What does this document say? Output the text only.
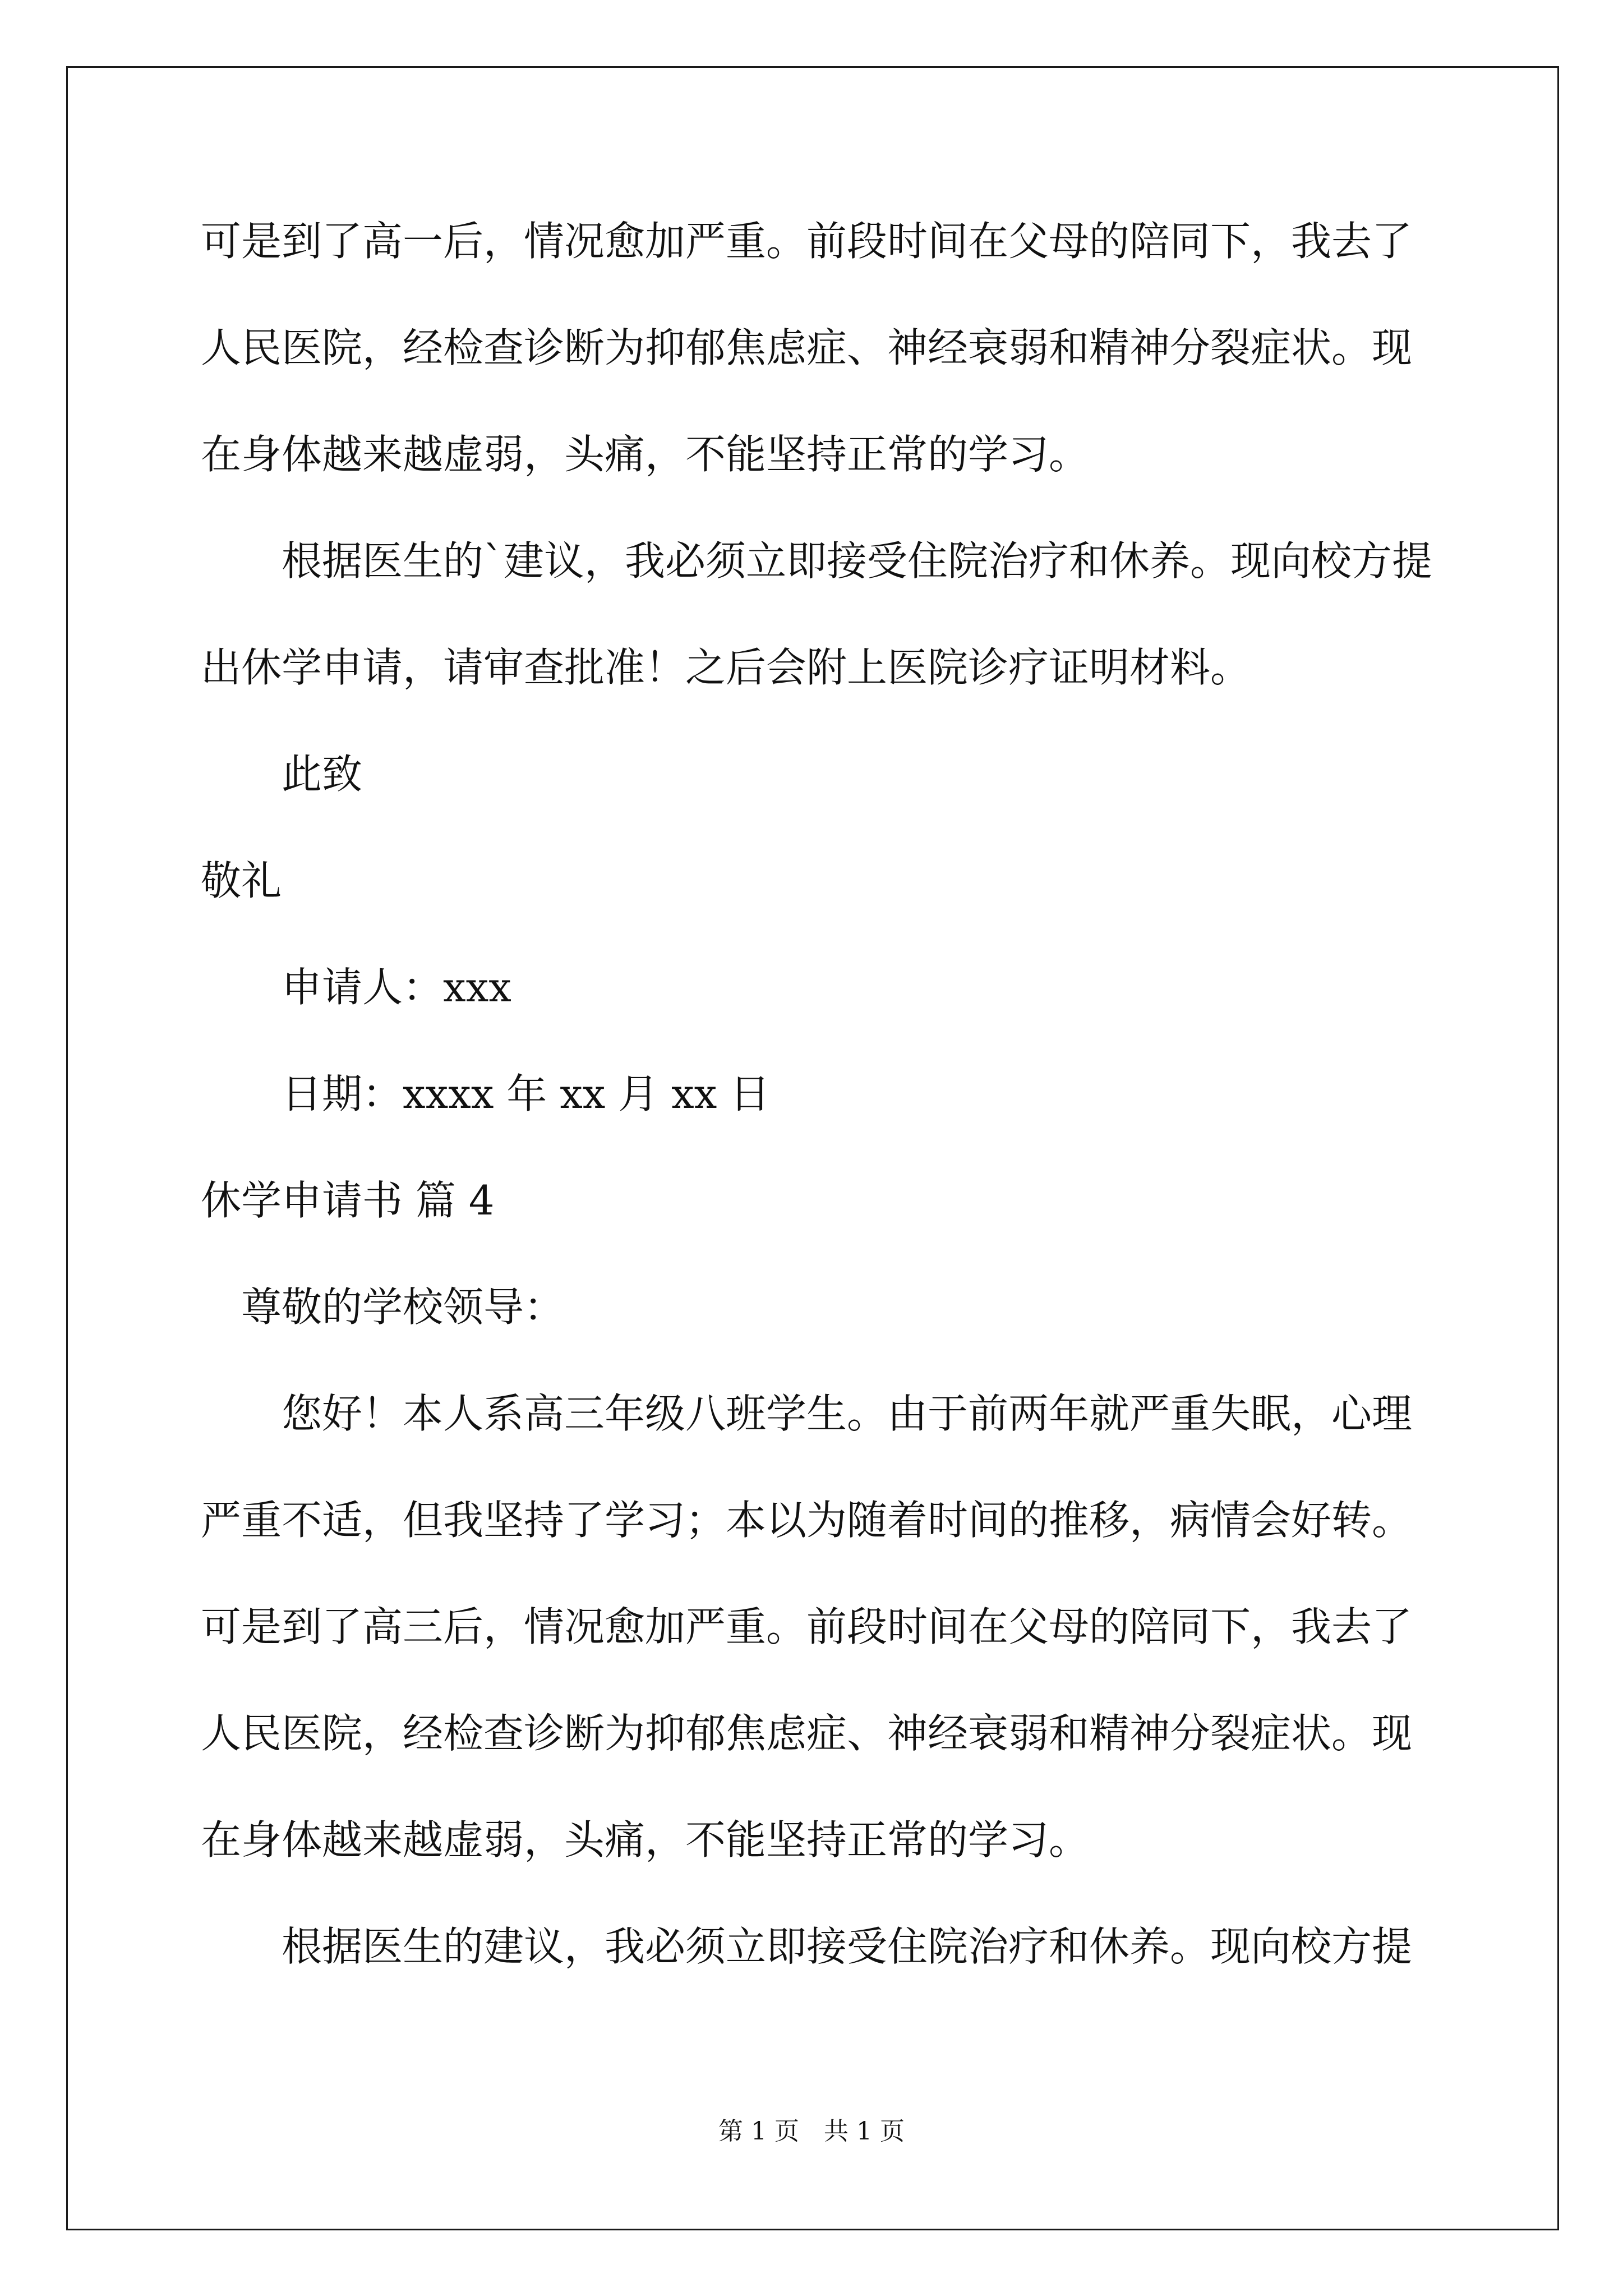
可是到了高一后，情况愈加严重。前段时间在父母的陪同下，我去了
人民医院，经检查诊断为抑郁焦虑症、神经衰弱和精神分裂症状。现
在身体越来越虚弱，头痛，不能坚持正常的学习。
根据医生的`建议，我必须立即接受住院治疗和休养。现向校方提
出休学申请，请审查批准！之后会附上医院诊疗证明材料。
此致
敬礼
申请人：xxx
日期：xxxx 年 xx 月 xx 日
休学申请书 篇 4
尊敬的学校领导：
您好！本人系高三年级八班学生。由于前两年就严重失眠，心理
严重不适，但我坚持了学习；本以为随着时间的推移，病情会好转。
可是到了高三后，情况愈加严重。前段时间在父母的陪同下，我去了
人民医院，经检查诊断为抑郁焦虑症、神经衰弱和精神分裂症状。现
在身体越来越虚弱，头痛，不能坚持正常的学习。
根据医生的建议，我必须立即接受住院治疗和休养。现向校方提
第 1 页　共 1 页
